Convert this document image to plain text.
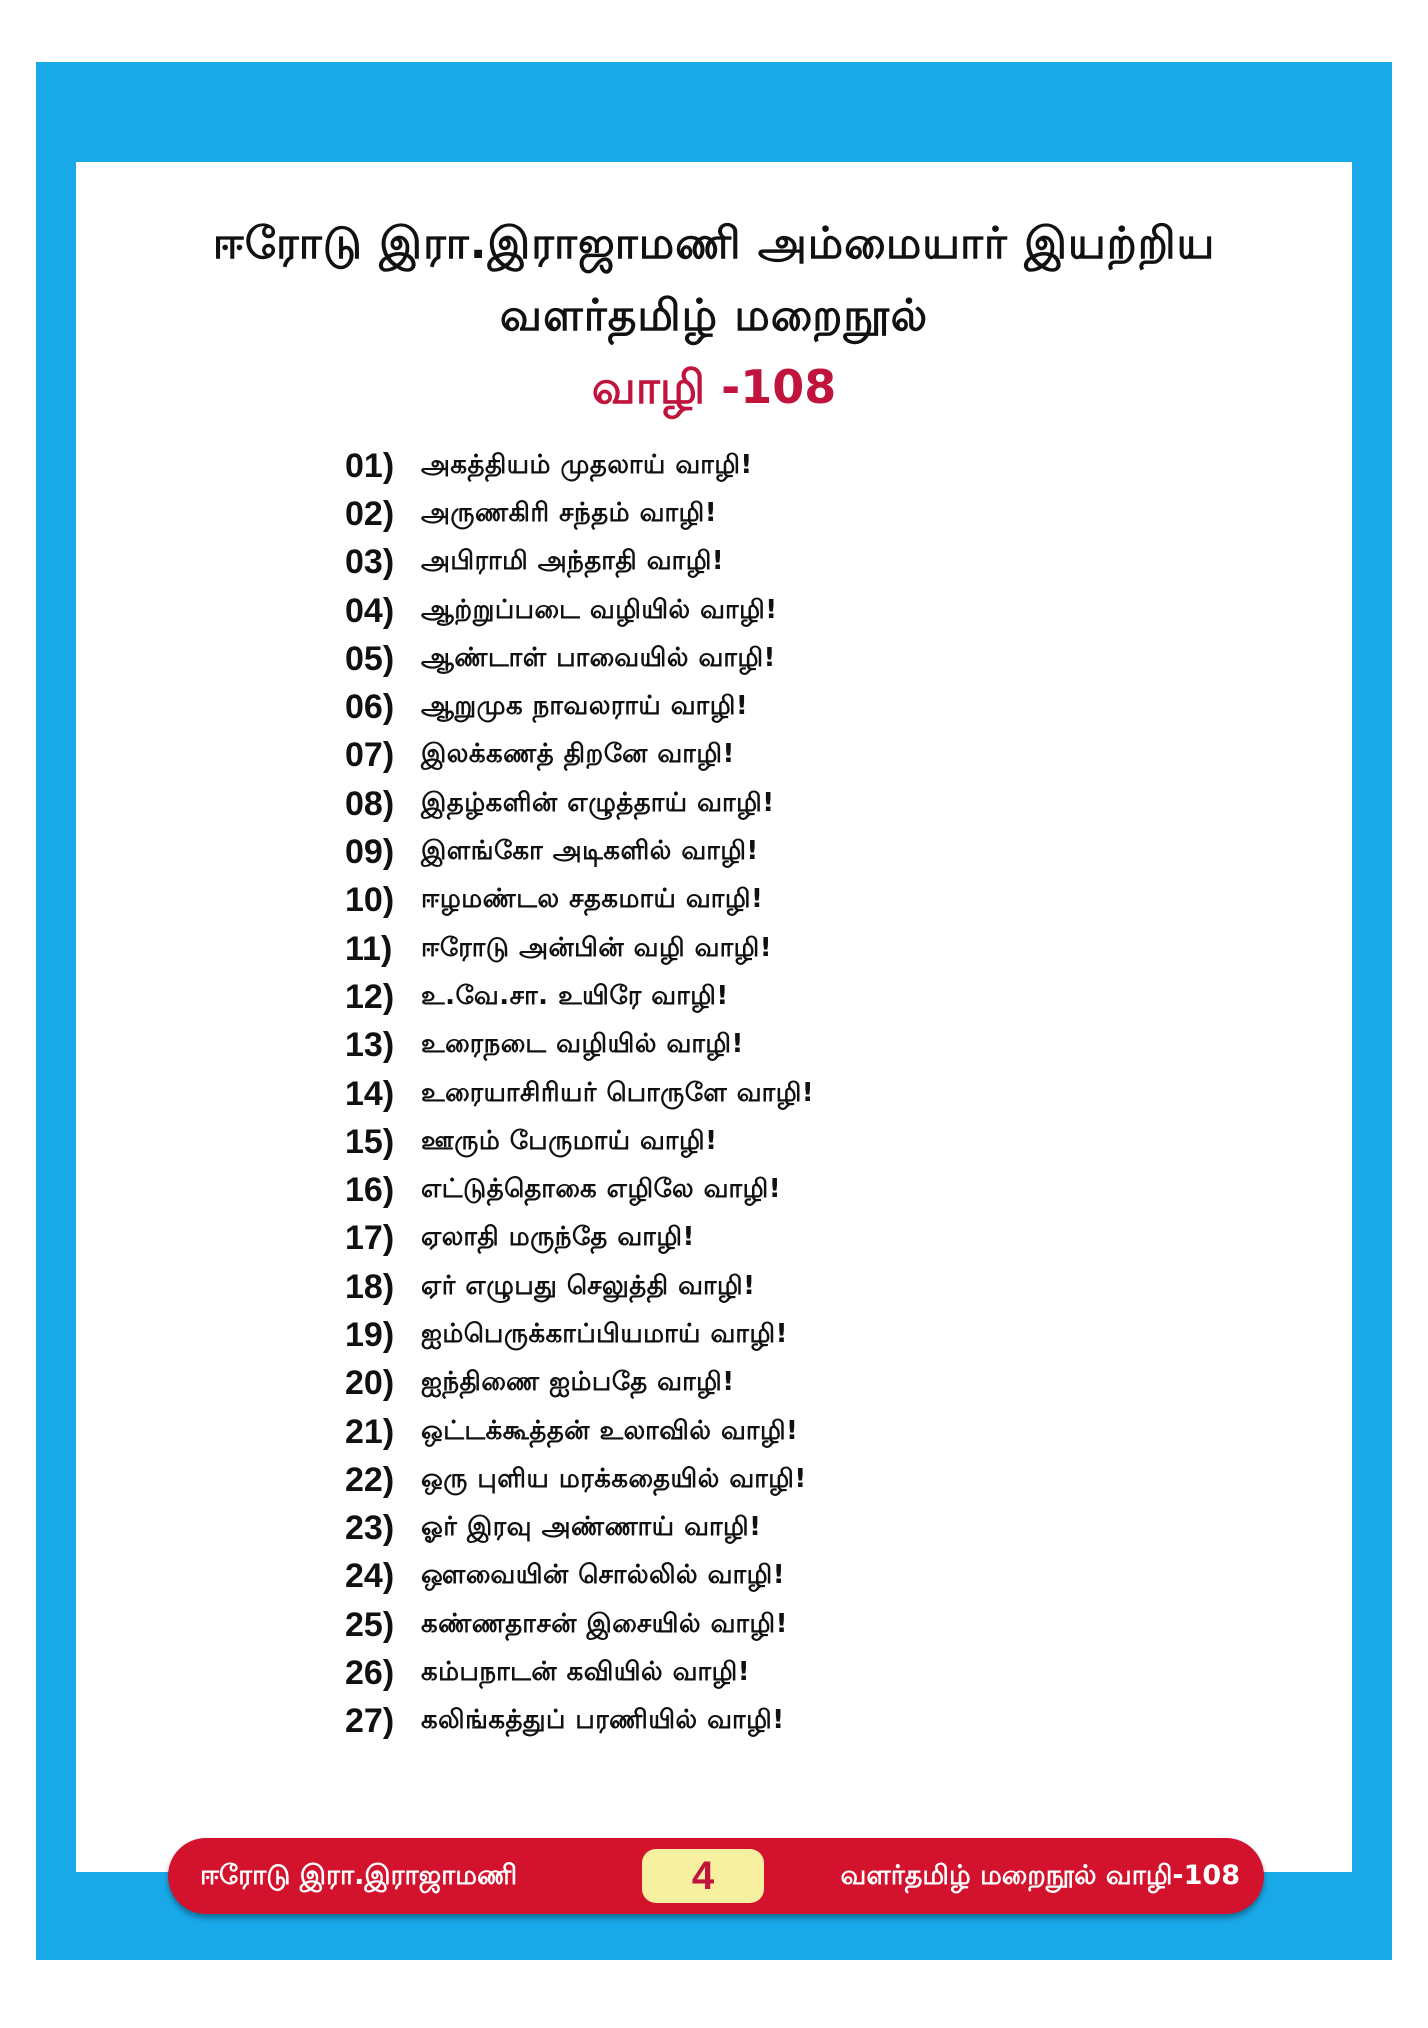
ஈரோடு இரா.இராஜாமணி அம்மையார் இயற்றிய
வளர்தமிழ் மறைநூல்
வாழி -108
01)	அகத்தியம் முதலாய் வாழி!
02)	அருணகிரி சந்தம் வாழி!
03)	அபிராமி அந்தாதி வாழி!
04)	ஆற்றுப்படை வழியில் வாழி!
05)	ஆண்டாள் பாவையில் வாழி!
06)	ஆறுமுக நாவலராய் வாழி!
07)	இலக்கணத் திறனே வாழி!
08)	இதழ்களின் எழுத்தாய் வாழி!
09)	இளங்கோ அடிகளில் வாழி!
10)	ஈழமண்டல சதகமாய் வாழி!
11)	ஈரோடு அன்பின் வழி வாழி!
12)	உ.வே.சா. உயிரே வாழி!
13)	உரைநடை வழியில் வாழி!
14)	உரையாசிரியர் பொருளே வாழி!
15)	ஊரும் பேருமாய் வாழி!
16)	எட்டுத்தொகை எழிலே வாழி!
17)	ஏலாதி மருந்தே வாழி!
18)	ஏர் எழுபது செலுத்தி வாழி!
19)	ஐம்பெருக்காப்பியமாய் வாழி!
20)	ஐந்திணை ஐம்பதே வாழி!
21)	ஒட்டக்கூத்தன் உலாவில் வாழி!
22)	ஒரு புளிய மரக்கதையில் வாழி!
23)	ஓர் இரவு அண்ணாய் வாழி!
24)	ஔவையின் சொல்லில் வாழி!
25)	கண்ணதாசன் இசையில் வாழி!
26)	கம்பநாடன் கவியில் வாழி!
27)	கலிங்கத்துப் பரணியில் வாழி!
ஈரோடு இரா.இராஜாமணி	4	வளர்தமிழ் மறைநூல் வாழி-108
